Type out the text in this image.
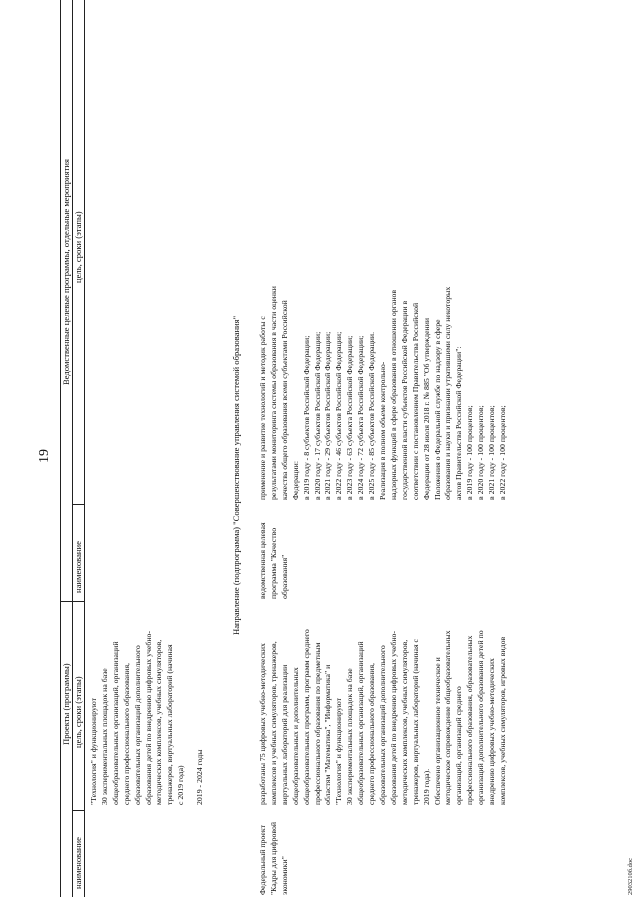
19
Проекты (программы)
Ведомственные целевые программы, отдельные мероприятия
наименование
цель, сроки (этапы)
наименование
цель, сроки (этапы)
"Технология" и функционируют 30 экспериментальных площадок на базе общеобразовательных организаций, организаций среднего профессионального образования, образовательных организаций дополнительного образования детей по внедрению цифровых учебно- методических комплексов, учебных симуляторов, тренажеров, виртуальных лабораторий (начиная с 2019 года) 2019 - 2024 годы
Направление (подпрограмма) "Совершенствование управления системой образования"
Федеральный проект "Кадры для цифровой экономики"
разработаны 75 цифровых учебно-методических комплексов и учебных симуляторов, тренажеров, виртуальных лабораторий для реализации общеобразовательных и дополнительных общеобразовательных программ, программ среднего профессионального образования по предметным областям "Математика", "Информатика" и "Технология" и функционируют 30 экспериментальных площадок на базе общеобразовательных организаций, организаций среднего профессионального образования, образовательных организаций дополнительного образования детей по внедрению цифровых учебно- методических комплексов, учебных симуляторов, тренажеров, виртуальных лабораторий (начиная с 2019 года). Обеспечено организационное техническое и методическое сопровождение общеобразовательных организаций, организаций среднего профессионального образования, образовательных организаций дополнительного образования детей по внедрению цифровых учебно-методических комплексов, учебных симуляторов, игровых видов
ведомственная целевая программа "Качество образования"
применение и развитие технологий и методик работы с результатами мониторинга системы образования в части оценки качества общего образования всеми субъектами Российской Федерации: в 2019 году - 8 субъектов Российской Федерации; в 2020 году - 17 субъектов Российской Федерации; в 2021 году - 29 субъектов Российской Федерации; в 2022 году - 46 субъектов Российской Федерации; в 2023 году - 63 субъекта Российской Федерации; в 2024 году - 72 субъекта Российской Федерации; в 2025 году - 85 субъектов Российской Федерации. Реализация в полном объеме контрольно- надзорных функций в сфере образования в отношении органов государственной власти субъектов Российской Федерации в соответствии с постановлением Правительства Российской Федерации от 28 июля 2018 г. № 885 "Об утверждении Положения о Федеральной службе по надзору в сфере образования и науки и признании утратившими силу некоторых актов Правительства Российской Федерации": в 2019 году - 100 процентов; в 2020 году - 100 процентов; в 2021 году - 100 процентов; в 2022 году - 100 процентов;
2903210б.doc
